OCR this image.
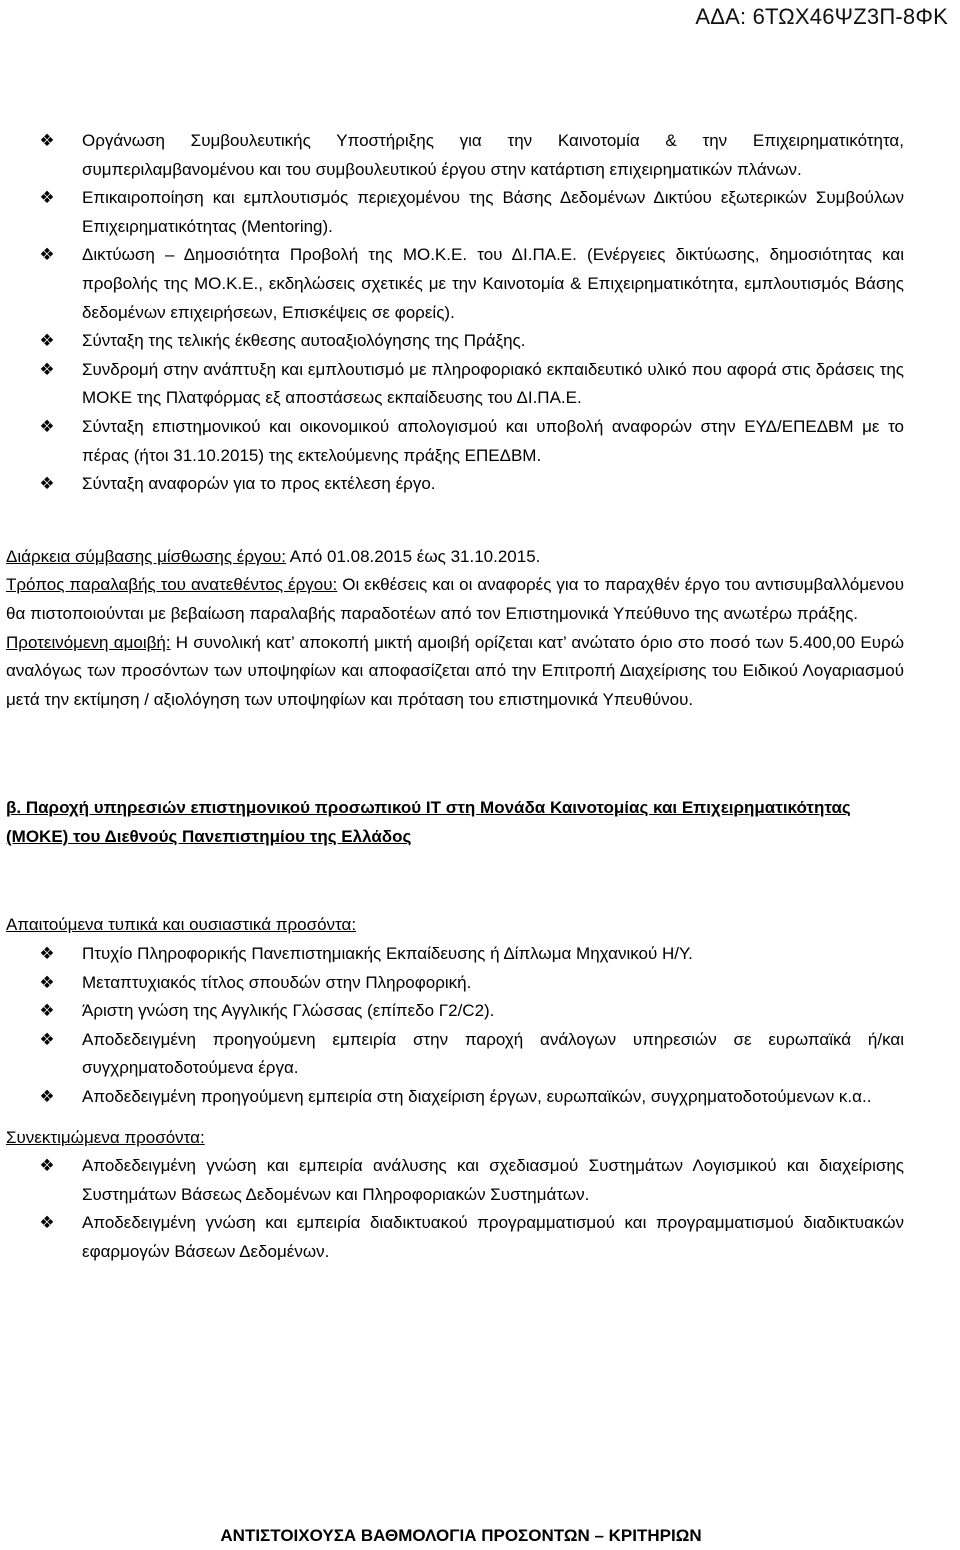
ΑΔΑ: 6ΤΩΧ46ΨΖ3Π-8ΦΚ
❖ Οργάνωση Συμβουλευτικής Υποστήριξης για την Καινοτομία & την Επιχειρηματικότητα, συμπεριλαμβανομένου και του συμβουλευτικού έργου στην κατάρτιση επιχειρηματικών πλάνων.
❖ Επικαιροποίηση και εμπλουτισμός περιεχομένου της Βάσης Δεδομένων Δικτύου εξωτερικών Συμβούλων Επιχειρηματικότητας (Mentoring).
❖ Δικτύωση – Δημοσιότητα Προβολή της ΜΟ.Κ.Ε. του ΔΙ.ΠΑ.Ε. (Ενέργειες δικτύωσης, δημοσιότητας και προβολής της ΜΟ.Κ.Ε., εκδηλώσεις σχετικές με την Καινοτομία & Επιχειρηματικότητα, εμπλουτισμός Βάσης δεδομένων επιχειρήσεων, Επισκέψεις σε φορείς).
❖ Σύνταξη της τελικής έκθεσης αυτοαξιολόγησης της Πράξης.
❖ Συνδρομή στην ανάπτυξη και εμπλουτισμό με πληροφοριακό εκπαιδευτικό υλικό που αφορά στις δράσεις της ΜΟΚΕ της Πλατφόρμας εξ αποστάσεως εκπαίδευσης του ΔΙ.ΠΑ.Ε.
❖ Σύνταξη επιστημονικού και οικονομικού απολογισμού και υποβολή αναφορών στην ΕΥΔ/ΕΠΕΔΒΜ με το πέρας (ήτοι 31.10.2015) της εκτελούμενης πράξης ΕΠΕΔΒΜ.
❖ Σύνταξη αναφορών για το προς εκτέλεση έργο.

Διάρκεια σύμβασης μίσθωσης έργου: Από 01.08.2015 έως 31.10.2015.

Τρόπος παραλαβής του ανατεθέντος έργου: Οι εκθέσεις και οι αναφορές για το παραχθέν έργο του αντισυμβαλλόμενου θα πιστοποιούνται με βεβαίωση παραλαβής παραδοτέων από τον Επιστημονικά Υπεύθυνο της ανωτέρω πράξης.

Προτεινόμενη αμοιβή: Η συνολική κατ’ αποκοπή μικτή αμοιβή ορίζεται κατ’ ανώτατο όριο στο ποσό των 5.400,00 Ευρώ αναλόγως των προσόντων των υποψηφίων και αποφασίζεται από την Επιτροπή Διαχείρισης του Ειδικού Λογαριασμού μετά την εκτίμηση / αξιολόγηση των υποψηφίων και πρόταση του επιστημονικά Υπευθύνου.

β. Παροχή υπηρεσιών επιστημονικού προσωπικού IT στη Μονάδα Καινοτομίας και Επιχειρηματικότητας (ΜΟΚΕ) του Διεθνούς Πανεπιστημίου της Ελλάδος

Απαιτούμενα τυπικά και ουσιαστικά προσόντα:

❖ Πτυχίο Πληροφορικής Πανεπιστημιακής Εκπαίδευσης ή Δίπλωμα Μηχανικού Η/Υ.
❖ Μεταπτυχιακός τίτλος σπουδών στην Πληροφορική.
❖ Άριστη γνώση της Αγγλικής Γλώσσας (επίπεδο Γ2/C2).
❖ Αποδεδειγμένη προηγούμενη εμπειρία στην παροχή ανάλογων υπηρεσιών σε ευρωπαϊκά ή/και συγχρηματοδοτούμενα έργα.
❖ Αποδεδειγμένη προηγούμενη εμπειρία στη διαχείριση έργων, ευρωπαϊκών, συγχρηματοδοτούμενων κ.α..

Συνεκτιμώμενα προσόντα:

❖ Αποδεδειγμένη γνώση και εμπειρία ανάλυσης και σχεδιασμού Συστημάτων Λογισμικού και διαχείρισης Συστημάτων Βάσεως Δεδομένων και Πληροφοριακών Συστημάτων.
❖ Αποδεδειγμένη γνώση και εμπειρία διαδικτυακού προγραμματισμού και προγραμματισμού διαδικτυακών εφαρμογών Βάσεων Δεδομένων.
ΑΝΤΙΣΤΟΙΧΟΥΣΑ ΒΑΘΜΟΛΟΓΙΑ ΠΡΟΣΟΝΤΩΝ – ΚΡΙΤΗΡΙΩΝ
